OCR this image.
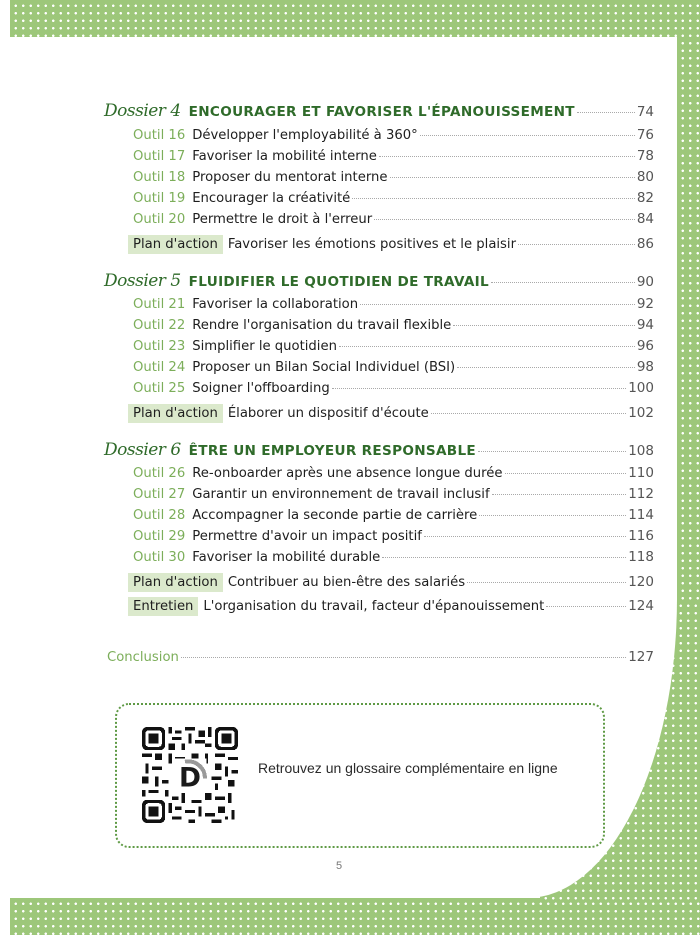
Dossier 4 ENCOURAGER ET FAVORISER L'ÉPANOUISSEMENT	74
Outil 16 Développer l'employabilité à 360°	76
Outil 17 Favoriser la mobilité interne	78
Outil 18 Proposer du mentorat interne	80
Outil 19 Encourager la créativité	82
Outil 20 Permettre le droit à l'erreur	84
Plan d'action Favoriser les émotions positives et le plaisir	86
Dossier 5 FLUIDIFIER LE QUOTIDIEN DE TRAVAIL	90
Outil 21 Favoriser la collaboration	92
Outil 22 Rendre l'organisation du travail flexible	94
Outil 23 Simplifier le quotidien	96
Outil 24 Proposer un Bilan Social Individuel (BSI)	98
Outil 25 Soigner l'offboarding	100
Plan d'action Élaborer un dispositif d'écoute	102
Dossier 6 ÊTRE UN EMPLOYEUR RESPONSABLE	108
Outil 26 Re-onboarder après une absence longue durée	110
Outil 27 Garantir un environnement de travail inclusif	112
Outil 28 Accompagner la seconde partie de carrière	114
Outil 29 Permettre d'avoir un impact positif	116
Outil 30 Favoriser la mobilité durable	118
Plan d'action Contribuer au bien-être des salariés	120
Entretien L'organisation du travail, facteur d'épanouissement	124
Conclusion	127
D	Retrouvez un glossaire complémentaire en ligne
5
